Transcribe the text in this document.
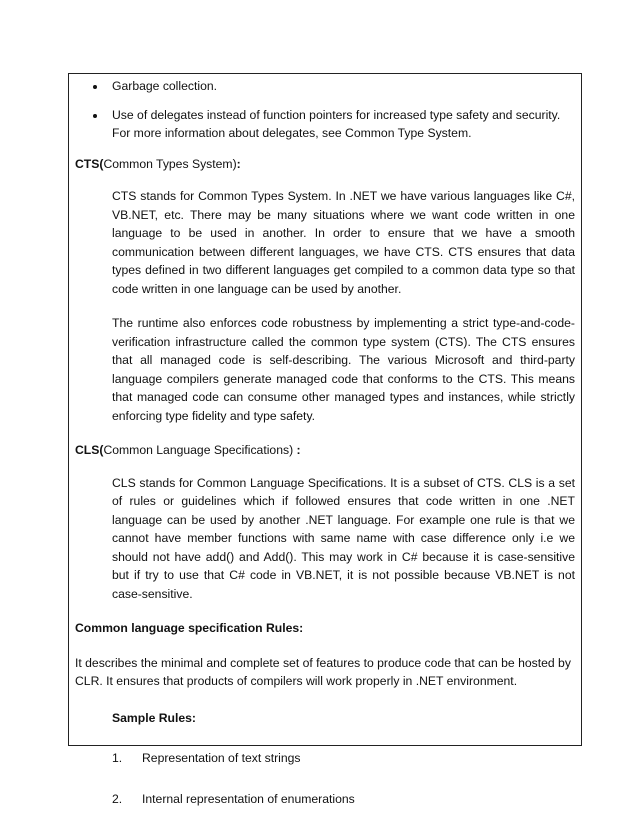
Garbage collection.
Use of delegates instead of function pointers for increased type safety and security. For more information about delegates, see Common Type System.
CTS(Common Types System):

CTS stands for Common Types System. In .NET we have various languages like C#, VB.NET, etc. There may be many situations where we want code written in one language to be used in another. In order to ensure that we have a smooth communication between different languages, we have CTS. CTS ensures that data types defined in two different languages get compiled to a common data type so that code written in one language can be used by another.

The runtime also enforces code robustness by implementing a strict type-and-code-verification infrastructure called the common type system (CTS). The CTS ensures that all managed code is self-describing. The various Microsoft and third-party language compilers generate managed code that conforms to the CTS. This means that managed code can consume other managed types and instances, while strictly enforcing type fidelity and type safety.

CLS(Common Language Specifications) :

CLS stands for Common Language Specifications. It is a subset of CTS. CLS is a set of rules or guidelines which if followed ensures that code written in one .NET language can be used by another .NET language. For example one rule is that we cannot have member functions with same name with case difference only i.e we should not have add() and Add(). This may work in C# because it is case-sensitive but if try to use that C# code in VB.NET, it is not possible because VB.NET is not case-sensitive.

Common language specification Rules:

It describes the minimal and complete set of features to produce code that can be hosted by CLR. It ensures that products of compilers will work properly in .NET environment.

Sample Rules:
1. Representation of text strings
2. Internal representation of enumerations
